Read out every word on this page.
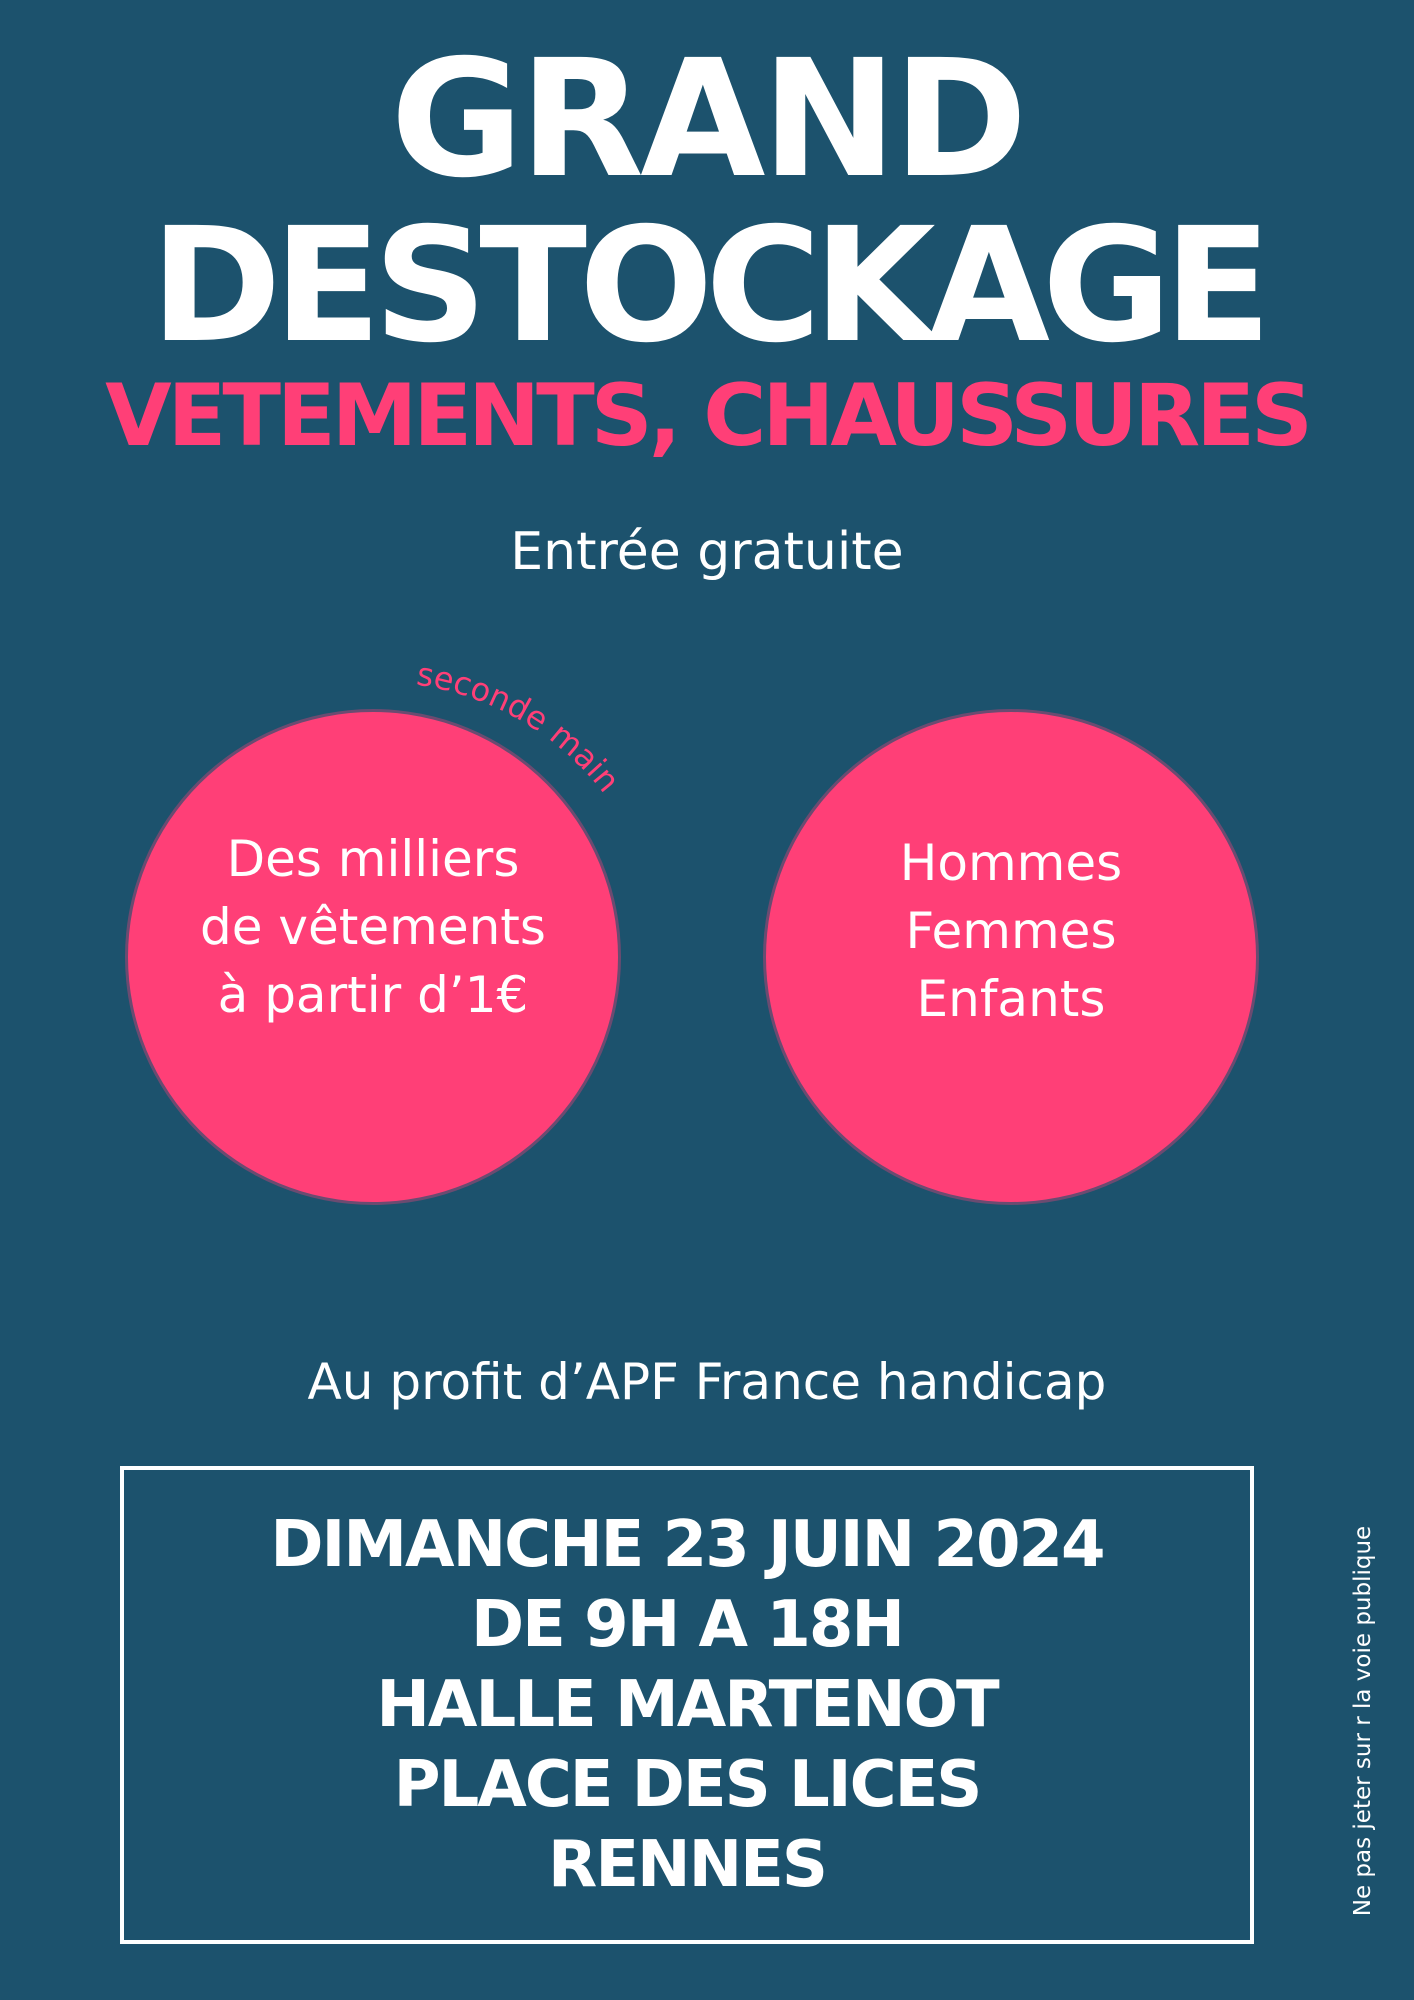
GRAND
DESTOCKAGE
VETEMENTS, CHAUSSURES
Entrée gratuite
Des milliers
de vêtements
à partir d’1€
Hommes
Femmes
Enfants
seconde main
Au profit d’APF France handicap
DIMANCHE 23 JUIN 2024
DE 9H A 18H
HALLE MARTENOT
PLACE DES LICES
RENNES	Ne pas jeter sur r la voie publique
